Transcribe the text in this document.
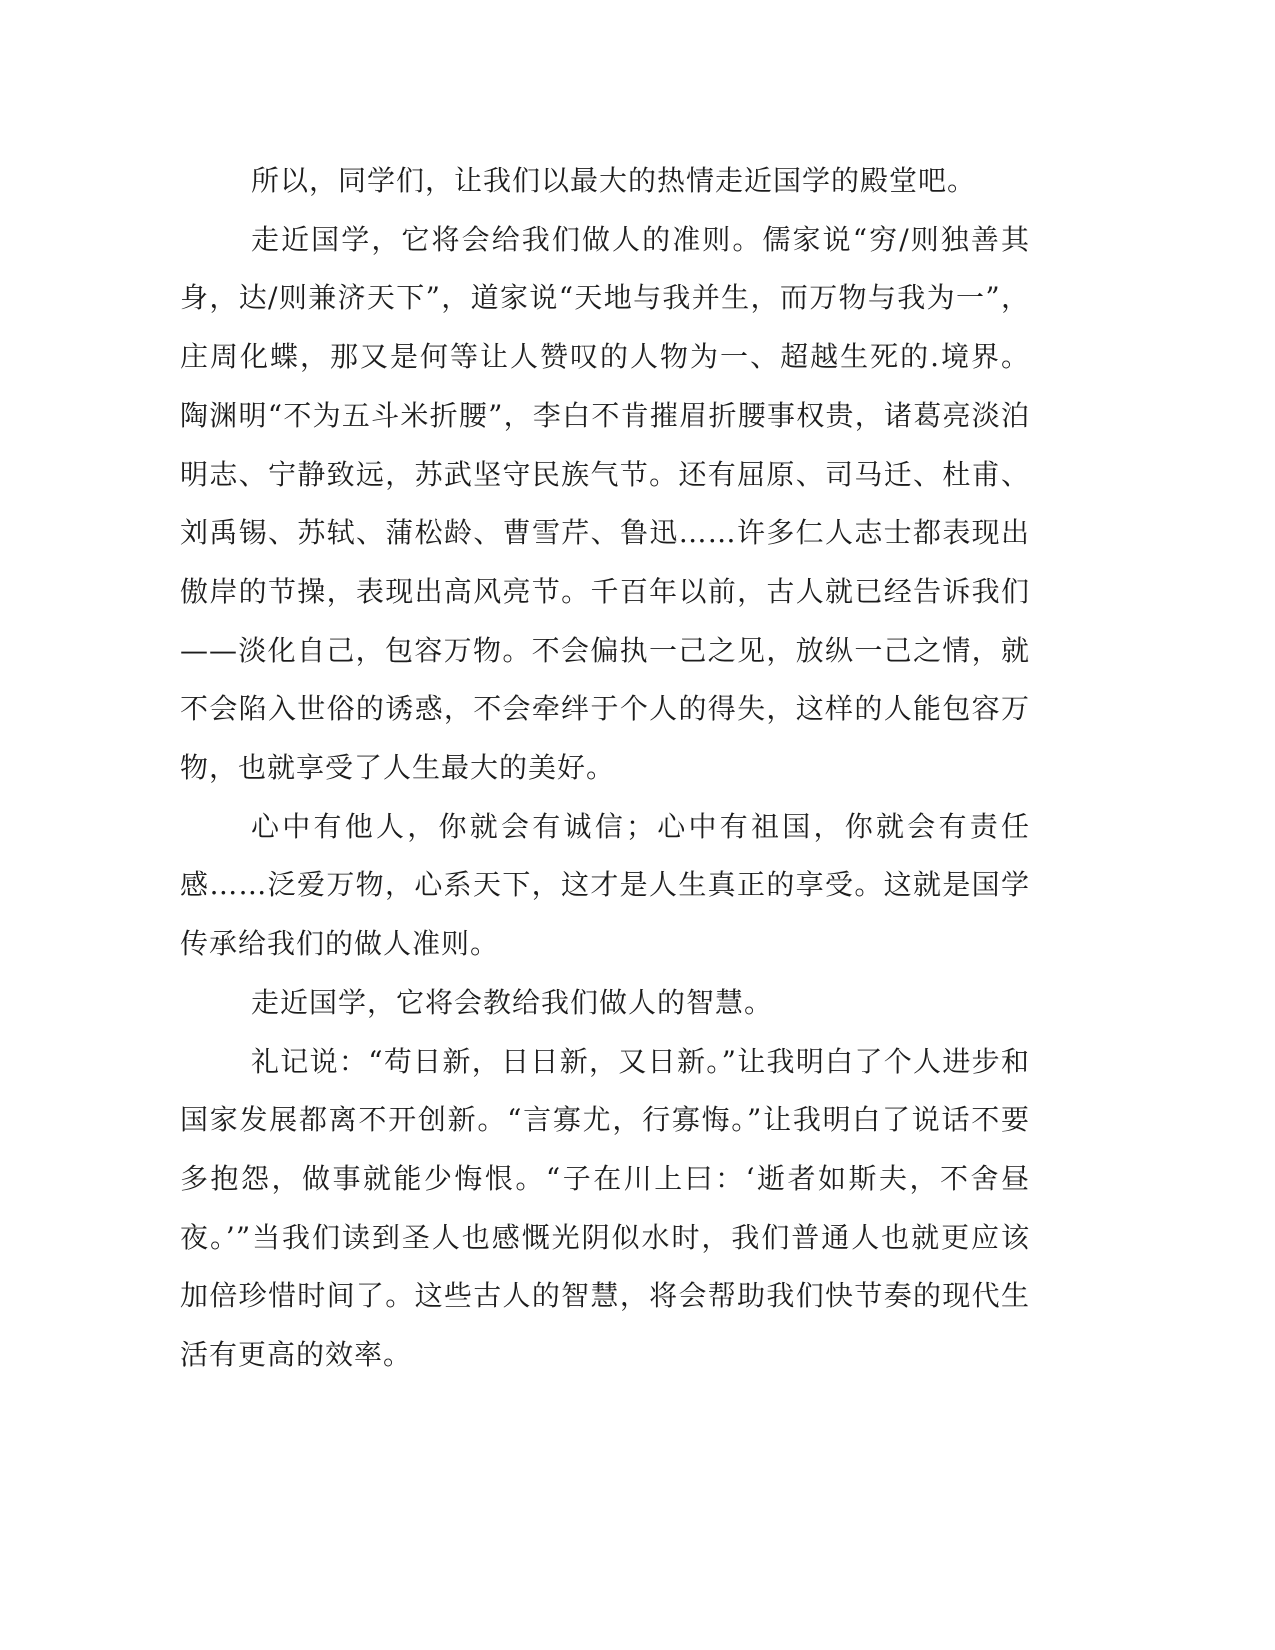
所以，同学们，让我们以最大的热情走近国学的殿堂吧。

走近国学，它将会给我们做人的准则。儒家说“穷/则独善其身，达/则兼济天下”，道家说“天地与我并生，而万物与我为一”，庄周化蝶，那又是何等让人赞叹的人物为一、超越生死的.境界。陶渊明“不为五斗米折腰”，李白不肯摧眉折腰事权贵，诸葛亮淡泊明志、宁静致远，苏武坚守民族气节。还有屈原、司马迁、杜甫、刘禹锡、苏轼、蒲松龄、曹雪芹、鲁迅……许多仁人志士都表现出傲岸的节操，表现出高风亮节。千百年以前，古人就已经告诉我们——淡化自己，包容万物。不会偏执一己之见，放纵一己之情，就不会陷入世俗的诱惑，不会牵绊于个人的得失，这样的人能包容万物，也就享受了人生最大的美好。

心中有他人，你就会有诚信；心中有祖国，你就会有责任感……泛爱万物，心系天下，这才是人生真正的享受。这就是国学传承给我们的做人准则。

走近国学，它将会教给我们做人的智慧。

礼记说：“苟日新，日日新，又日新。”让我明白了个人进步和国家发展都离不开创新。“言寡尤，行寡悔。”让我明白了说话不要多抱怨，做事就能少悔恨。“子在川上曰：‘逝者如斯夫，不舍昼夜。’”当我们读到圣人也感慨光阴似水时，我们普通人也就更应该加倍珍惜时间了。这些古人的智慧，将会帮助我们快节奏的现代生活有更高的效率。
